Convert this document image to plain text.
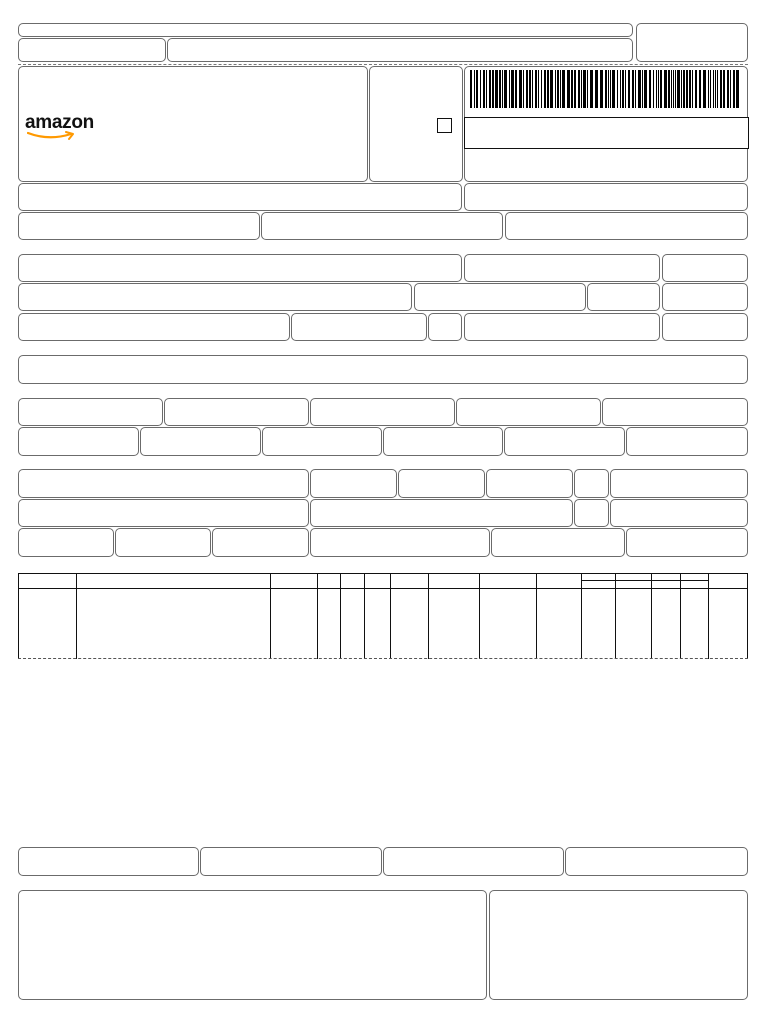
amazon
